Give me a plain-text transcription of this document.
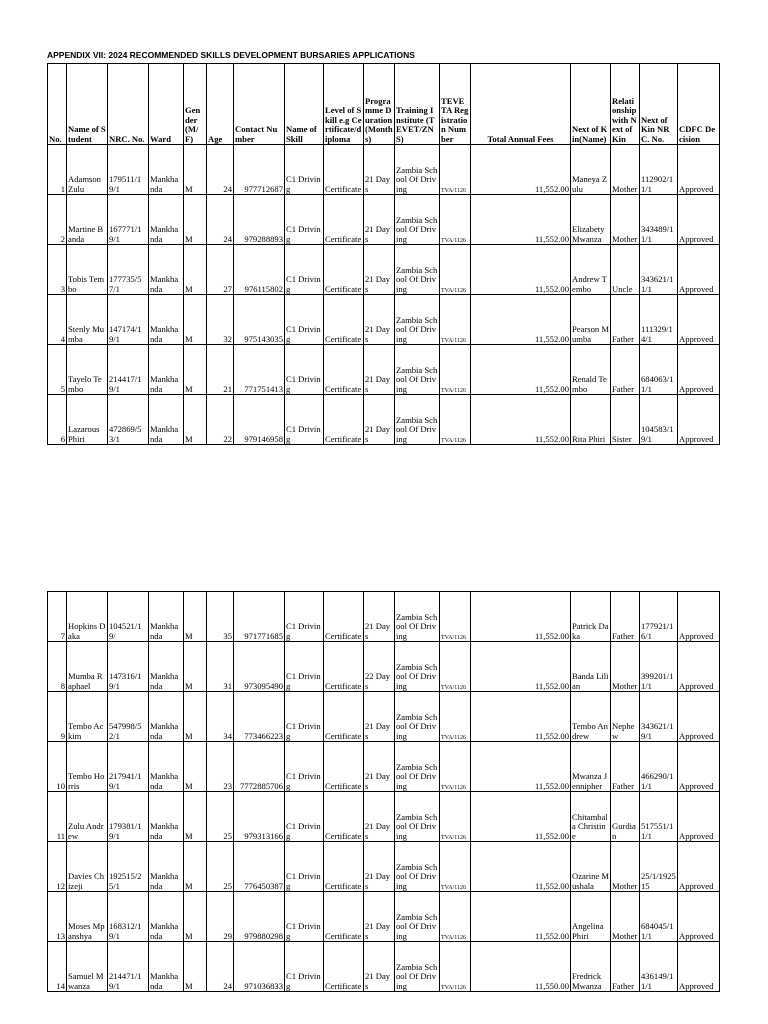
APPENDIX VII: 2024 RECOMMENDED SKILLS DEVELOPMENT BURSARIES APPLICATIONS
No.	Name of Student	NRC. No.	Ward	Gender (M/F)	Age	Contact Number	Name of Skill	Level of Skill e.g Certificate/diploma	Programme Duration (Months)	Training Institute (TEVET/ZNS)	TEVETA Registration Number	Total Annual Fees	Next of Kin(Name)	Relationship with Next of Kin	Next of Kin NRC. No.	CDFC Decision
1	Adamson Zulu	179511/19/1	Mankhanda	M	24	977712687	C1 Driving	Certificate	21 Days	Zambia School Of Driving	TVA/1126	11,552.00	Maneya Zulu	Mother	112902/11/1	Approved
2	Martine Banda	167771/19/1	Mankhanda	M	24	979288893	C1 Driving	Certificate	21 Days	Zambia School Of Driving	TVA/1126	11,552.00	Elizabety Mwanza	Mother	343489/11/1	Approved
3	Tobis Tembo	177735/57/1	Mankhanda	M	27	976115802	C1 Driving	Certificate	21 Days	Zambia School Of Driving	TVA/1126	11,552.00	Andrew Tembo	Uncle	343621/11/1	Approved
4	Stenly Mumba	147174/19/1	Mankhanda	M	32	975143035	C1 Driving	Certificate	21 Days	Zambia School Of Driving	TVA/1126	11,552.00	Pearson Mumba	Father	111329/14/1	Approved
5	Tayelo Tembo	214417/19/1	Mankhanda	M	21	771751413	C1 Driving	Certificate	21 Days	Zambia School Of Driving	TVA/1126	11,552.00	Renald Tembo	Father	684063/11/1	Approved
6	Lazarous Phiri	472869/53/1	Mankhanda	M	22	979146958	C1 Driving	Certificate	21 Days	Zambia School Of Driving	TVA/1126	11,552.00	Rita Phiri	Sister	104583/19/1	Approved
7	Hopkins Daka	104521/19/	Mankhanda	M	35	971771685	C1 Driving	Certificate	21 Days	Zambia School Of Driving	TVA/1126	11,552.00	Patrick Daka	Father	177921/16/1	Approved
8	Mumba Raphael	147316/19/1	Mankhanda	M	31	973095490	C1 Driving	Certificate	22 Days	Zambia School Of Driving	TVA/1126	11,552.00	Banda Lilian	Mother	399201/11/1	Approved
9	Tembo Ackim	547998/52/1	Mankhanda	M	34	773466223	C1 Driving	Certificate	21 Days	Zambia School Of Driving	TVA/1126	11,552.00	Tembo Andrew	Nephew	343621/19/1	Approved
10	Tembo Horris	217941/19/1	Mankhanda	M	23	7772885706	C1 Driving	Certificate	21 Days	Zambia School Of Driving	TVA/1126	11,552.00	Mwanza Jennipher	Father	466290/11/1	Approved
11	Zulu Andrew	179381/19/1	Mankhanda	M	25	979313166	C1 Driving	Certificate	21 Days	Zambia School Of Driving	TVA/1126	11,552.00	Chitambala Christine	Gurdian	517551/11/1	Approved
12	Davies Chizeji	192515/25/1	Mankhanda	M	25	776450387	C1 Driving	Certificate	21 Days	Zambia School Of Driving	TVA/1126	11,552.00	Ozarine Mushala	Mother	25/1/192515	Approved
13	Moses Mpanshya	168312/19/1	Mankhanda	M	29	979880298	C1 Driving	Certificate	21 Days	Zambia School Of Driving	TVA/1126	11,552.00	Angelina Phiri	Mother	684045/11/1	Approved
14	Samuel Mwanza	214471/19/1	Mankhanda	M	24	971036833	C1 Driving	Certificate	21 Days	Zambia School Of Driving	TVA/1126	11,550.00	Fredrick Mwanza	Father	436149/11/1	Approved
